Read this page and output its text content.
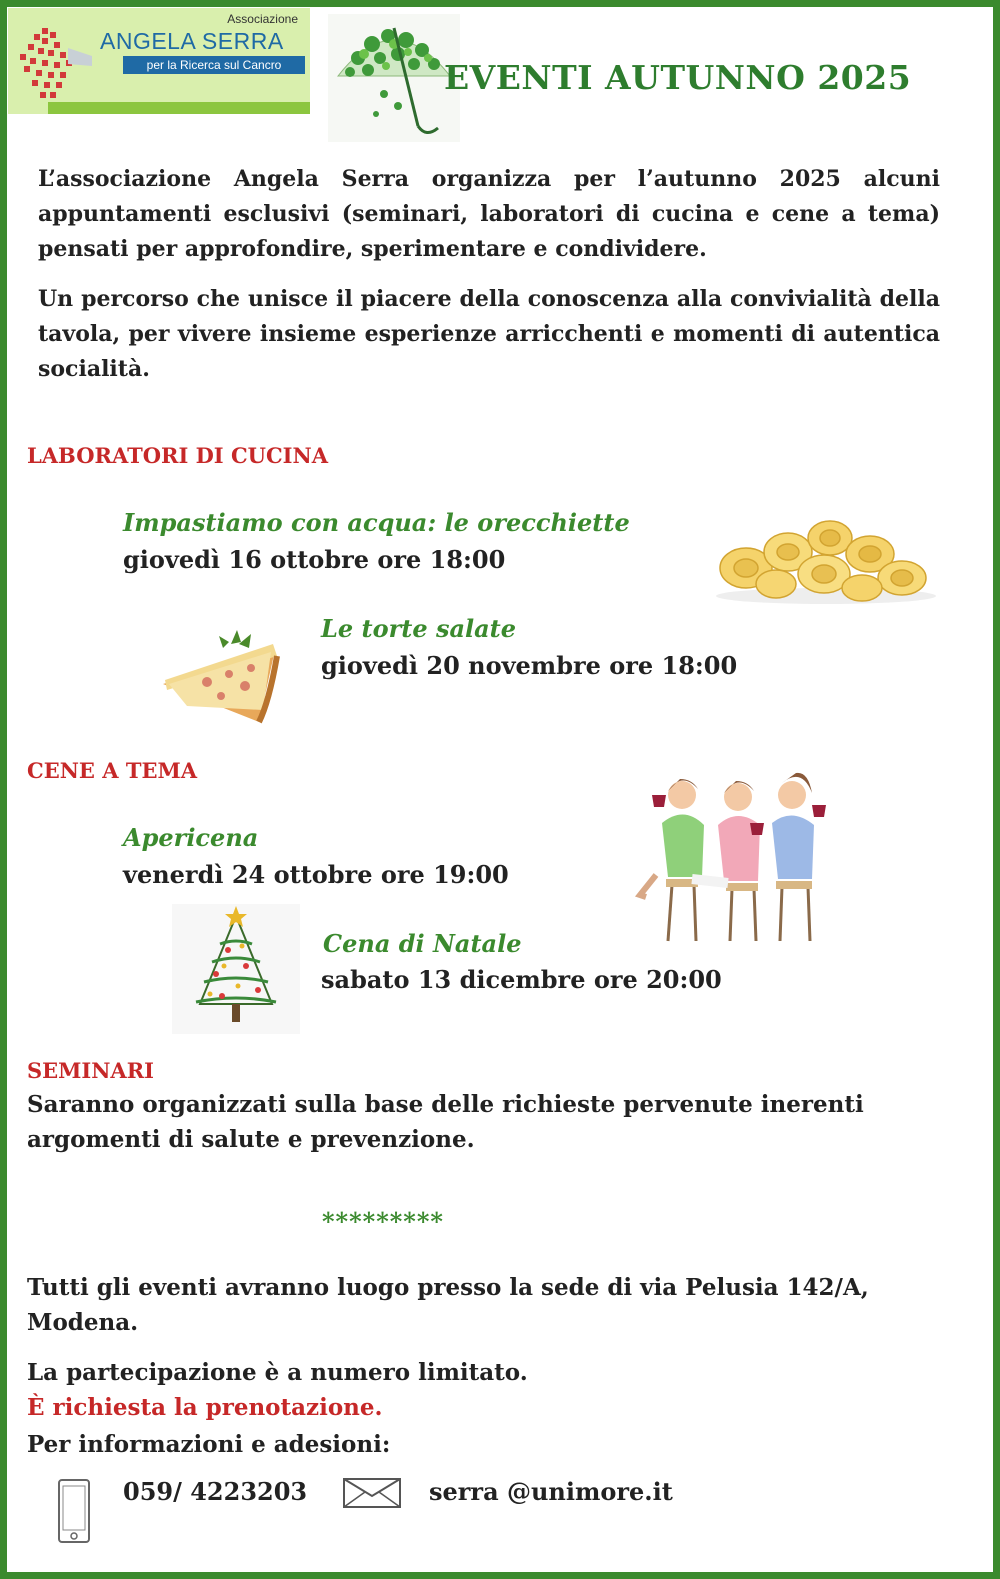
Associazione
ANGELA SERRA
per la Ricerca sul Cancro	EVENTI AUTUNNO 2025
L’associazione Angela Serra organizza per l’autunno 2025 alcuni appuntamenti esclusivi (seminari, laboratori di cucina e cene a tema) pensati per approfondire, sperimentare e condividere.
Un percorso che unisce il piacere della conoscenza alla convivialità della tavola, per vivere insieme esperienze arricchenti e momenti di autentica socialità.
LABORATORI DI CUCINA
Impastiamo con acqua: le orecchiette
giovedì 16 ottobre ore 18:00
Le torte salate
giovedì 20 novembre ore 18:00
CENE A TEMA
Apericena
venerdì 24 ottobre ore 19:00
Cena di Natale
sabato 13 dicembre ore 20:00
SEMINARI
Saranno organizzati sulla base delle richieste pervenute inerenti argomenti di salute e prevenzione.
*********
Tutti gli eventi avranno luogo presso la sede di via Pelusia 142/A, Modena.
La partecipazione è a numero limitato.
È richiesta la prenotazione.
Per informazioni e adesioni:
059/ 4223203	serra @unimore.it
